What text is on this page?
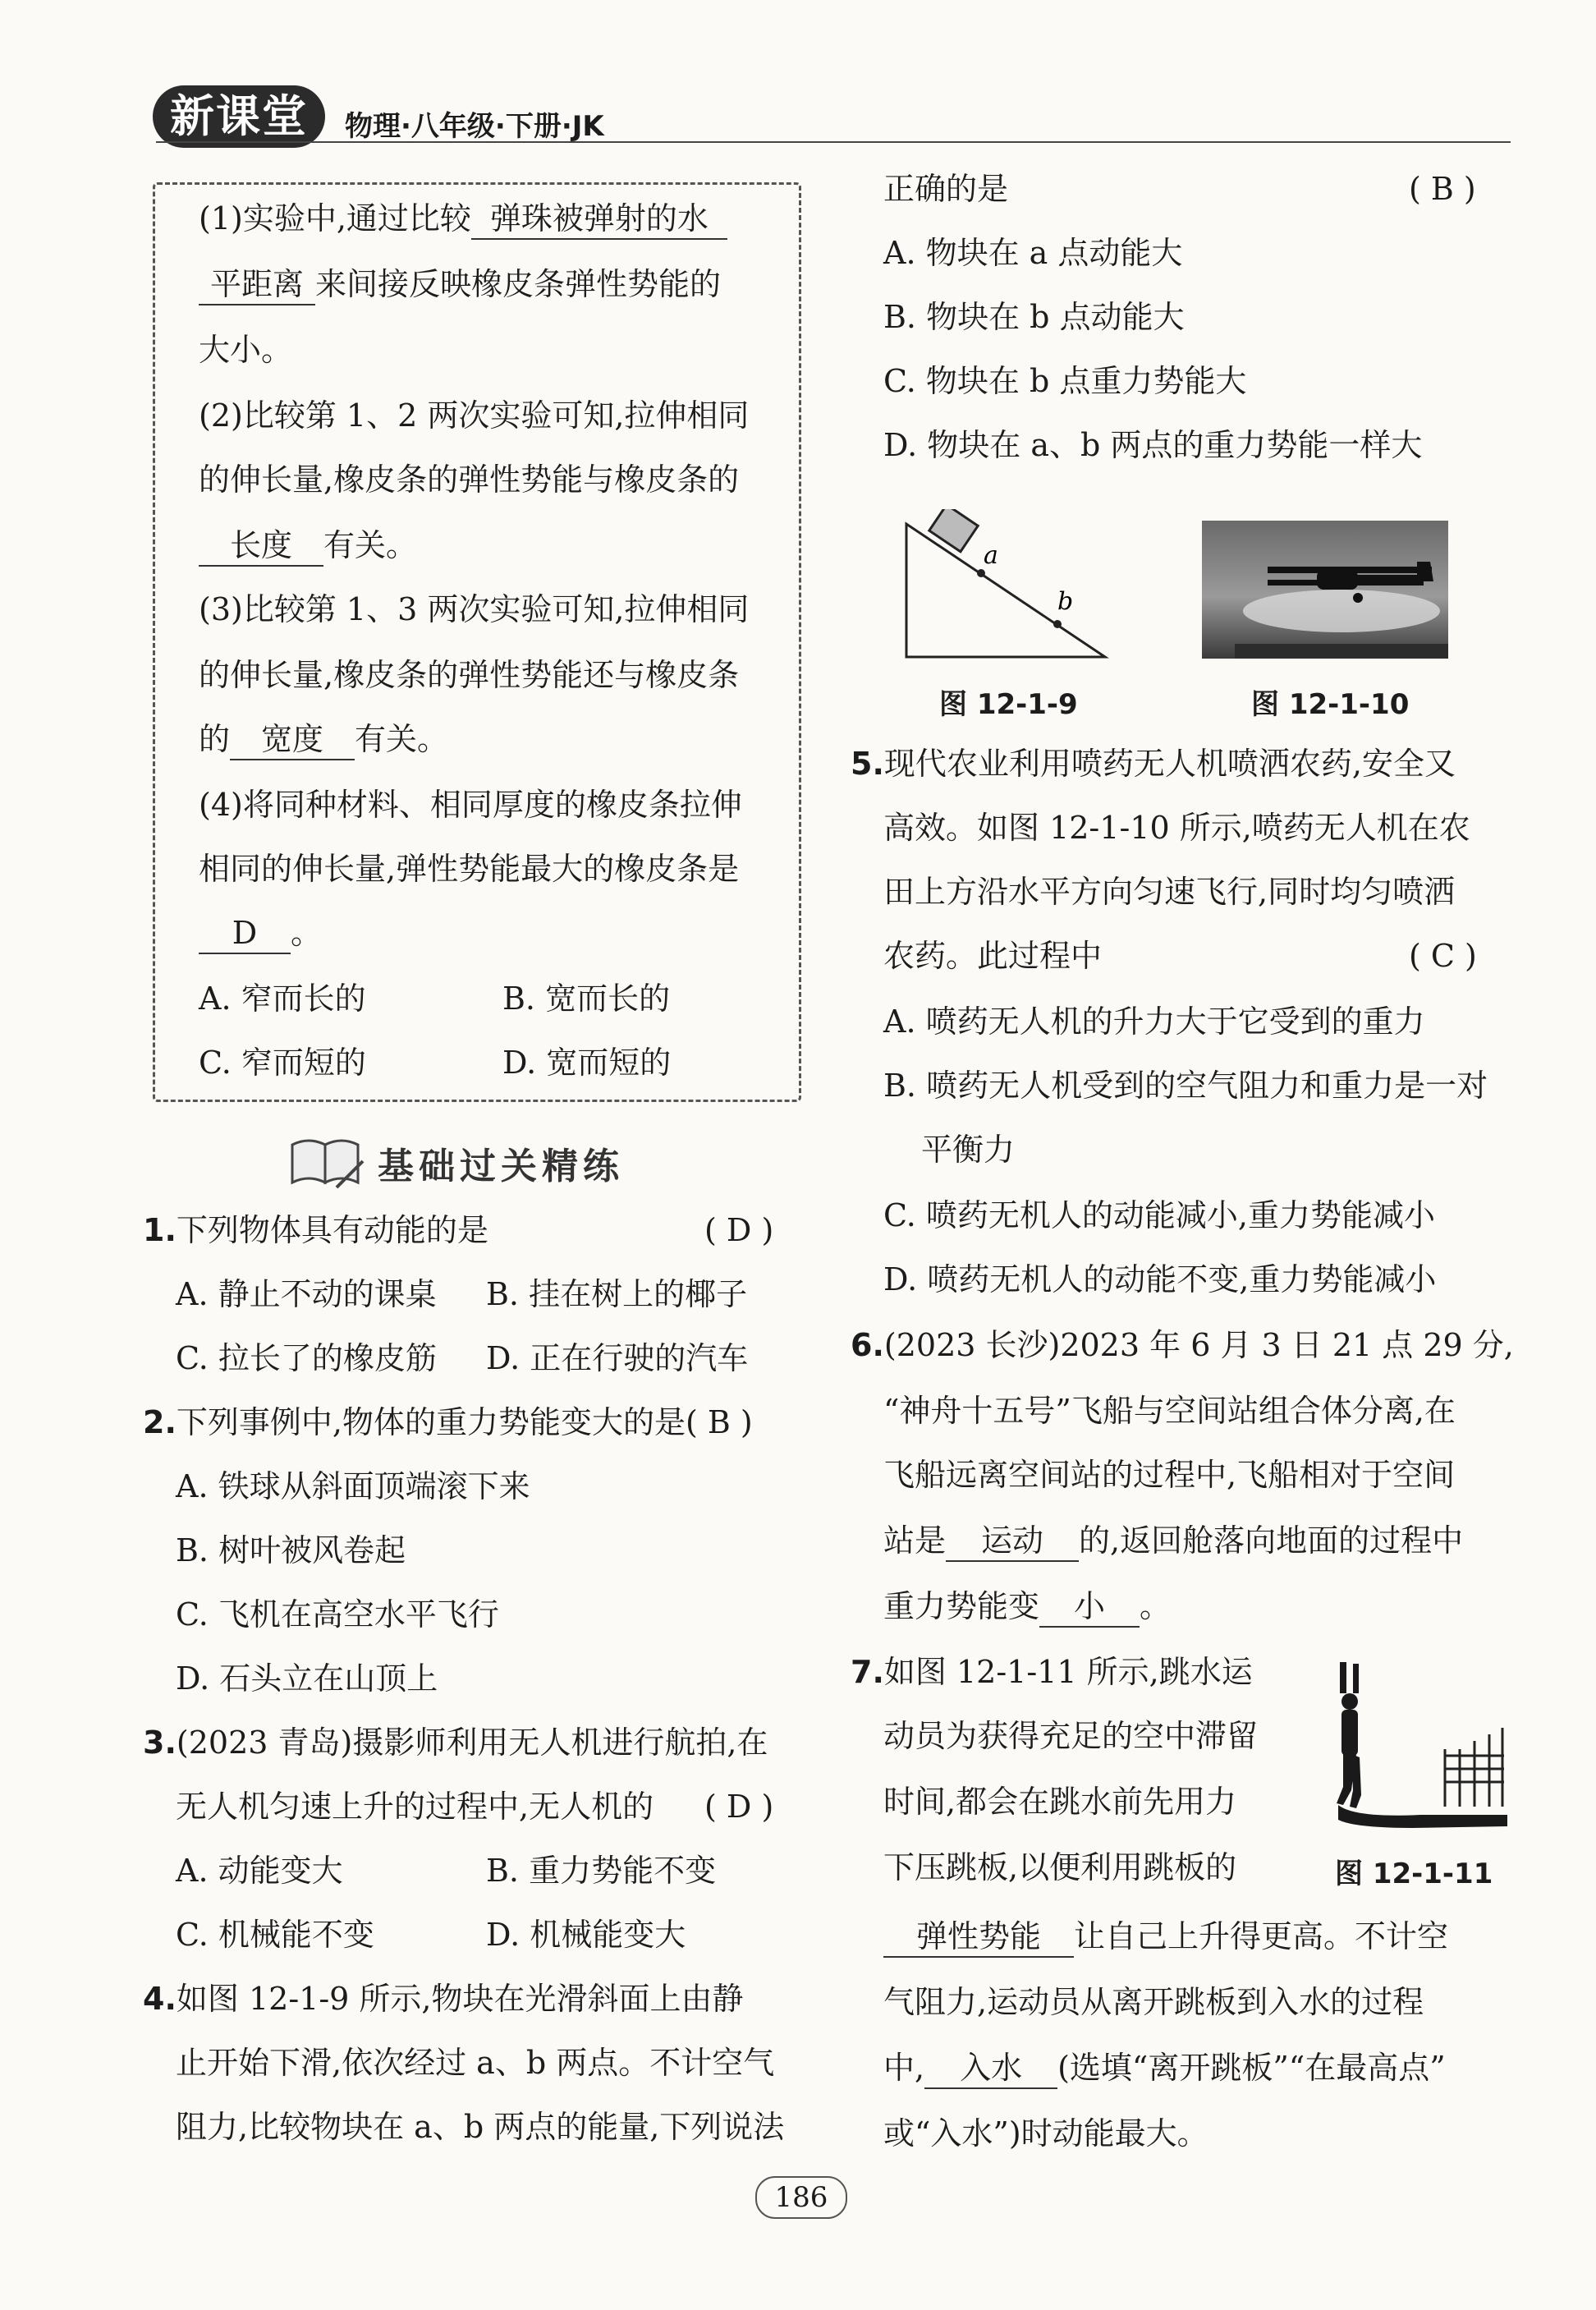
新课堂	物理·八年级·下册·JK
(1)实验中,通过比较 弹珠被弹射的水
平距离 来间接反映橡皮条弹性势能的
大小。
(2)比较第 1、2 两次实验可知,拉伸相同
的伸长量,橡皮条的弹性势能与橡皮条的
长度 有关。
(3)比较第 1、3 两次实验可知,拉伸相同
的伸长量,橡皮条的弹性势能还与橡皮条
的 宽度 有关。
(4)将同种材料、相同厚度的橡皮条拉伸
相同的伸长量,弹性势能最大的橡皮条是
D 。
A. 窄而长的	B. 宽而长的
C. 窄而短的	D. 宽而短的
基础过关精练
1.下列物体具有动能的是	( D )
A. 静止不动的课桌 B. 挂在树上的椰子
C. 拉长了的橡皮筋 D. 正在行驶的汽车
2.下列事例中,物体的重力势能变大的是( B )
A. 铁球从斜面顶端滚下来
B. 树叶被风卷起
C. 飞机在高空水平飞行
D. 石头立在山顶上
3.(2023 青岛)摄影师利用无人机进行航拍,在
无人机匀速上升的过程中,无人机的 ( D )
A. 动能变大	B. 重力势能不变
C. 机械能不变	D. 机械能变大
4.如图 12-1-9 所示,物块在光滑斜面上由静
止开始下滑,依次经过 a、b 两点。不计空气
阻力,比较物块在 a、b 两点的能量,下列说法
正确的是	( B )
A. 物块在 a 点动能大
B. 物块在 b 点动能大
C. 物块在 b 点重力势能大
D. 物块在 a、b 两点的重力势能一样大
a
b
图 12-1-9	图 12-1-10
5.现代农业利用喷药无人机喷洒农药,安全又
高效。如图 12-1-10 所示,喷药无人机在农
田上方沿水平方向匀速飞行,同时均匀喷洒
农药。此过程中	( C )
A. 喷药无人机的升力大于它受到的重力
B. 喷药无人机受到的空气阻力和重力是一对
平衡力
C. 喷药无机人的动能减小,重力势能减小
D. 喷药无机人的动能不变,重力势能减小
6.(2023 长沙)2023 年 6 月 3 日 21 点 29 分,
“神舟十五号”飞船与空间站组合体分离,在
飞船远离空间站的过程中,飞船相对于空间
站是 运动 的,返回舱落向地面的过程中
重力势能变 小 。
7.如图 12-1-11 所示,跳水运
动员为获得充足的空中滞留
时间,都会在跳水前先用力
下压跳板,以便利用跳板的	图 12-1-11
弹性势能 让自己上升得更高。不计空
气阻力,运动员从离开跳板到入水的过程
中, 入水 (选填“离开跳板”“在最高点”
或“入水”)时动能最大。
186
